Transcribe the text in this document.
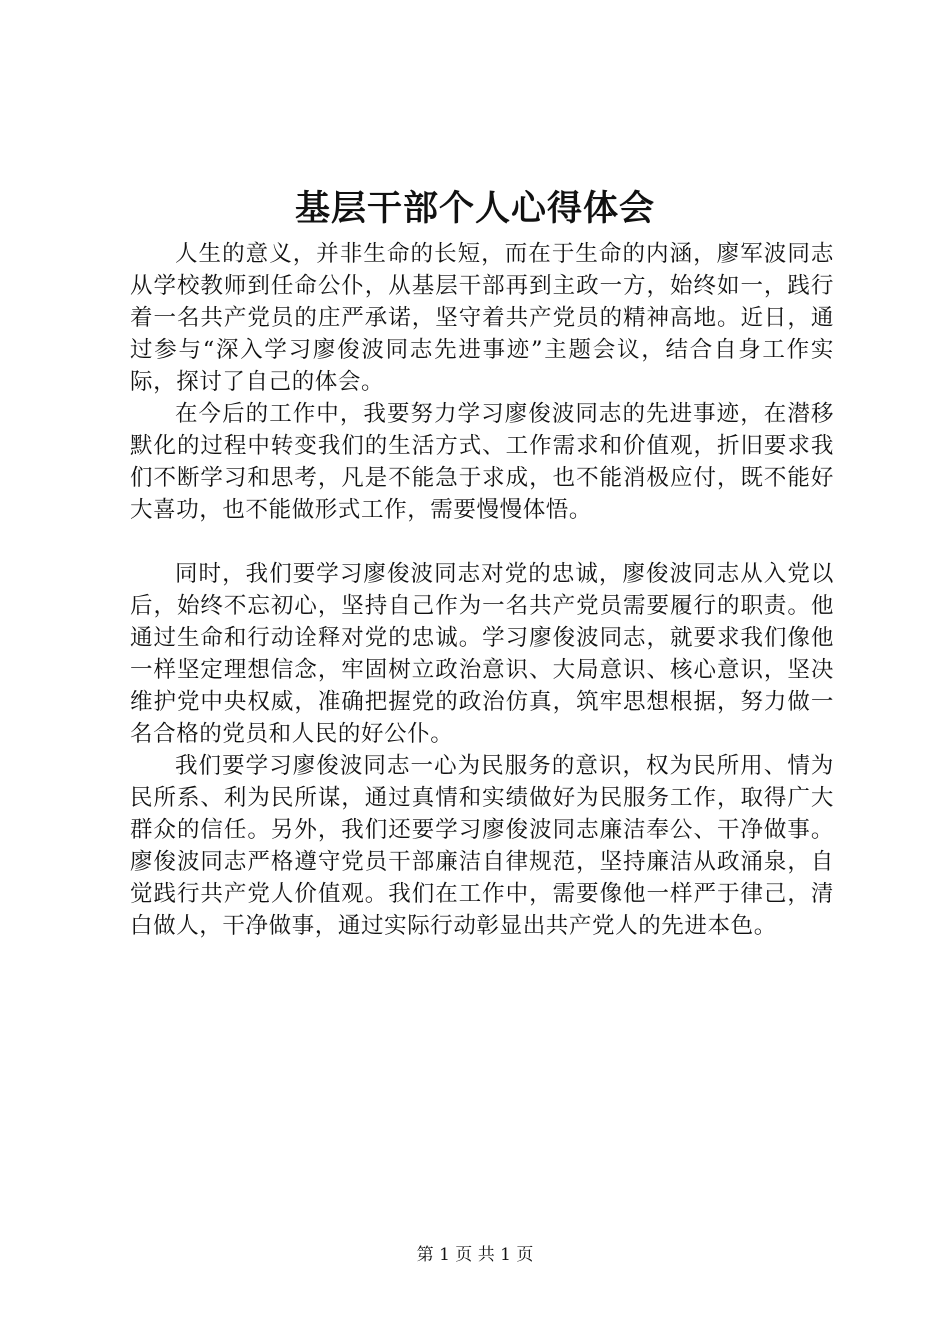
基层干部个人心得体会

人生的意义，并非生命的长短，而在于生命的内涵，廖军波同志从学校教师到任命公仆，从基层干部再到主政一方，始终如一，践行着一名共产党员的庄严承诺，坚守着共产党员的精神高地。近日，通过参与“深入学习廖俊波同志先进事迹”主题会议，结合自身工作实际，探讨了自己的体会。

在今后的工作中，我要努力学习廖俊波同志的先进事迹，在潜移默化的过程中转变我们的生活方式、工作需求和价值观，折旧要求我们不断学习和思考，凡是不能急于求成，也不能消极应付，既不能好大喜功，也不能做形式工作，需要慢慢体悟。

同时，我们要学习廖俊波同志对党的忠诚，廖俊波同志从入党以后，始终不忘初心，坚持自己作为一名共产党员需要履行的职责。他通过生命和行动诠释对党的忠诚。学习廖俊波同志，就要求我们像他一样坚定理想信念，牢固树立政治意识、大局意识、核心意识，坚决维护党中央权威，准确把握党的政治仿真，筑牢思想根据，努力做一名合格的党员和人民的好公仆。

我们要学习廖俊波同志一心为民服务的意识，权为民所用、情为民所系、利为民所谋，通过真情和实绩做好为民服务工作，取得广大群众的信任。另外，我们还要学习廖俊波同志廉洁奉公、干净做事。廖俊波同志严格遵守党员干部廉洁自律规范，坚持廉洁从政涌泉，自觉践行共产党人价值观。我们在工作中，需要像他一样严于律己，清白做人，干净做事，通过实际行动彰显出共产党人的先进本色。

第 1 页 共 1 页
